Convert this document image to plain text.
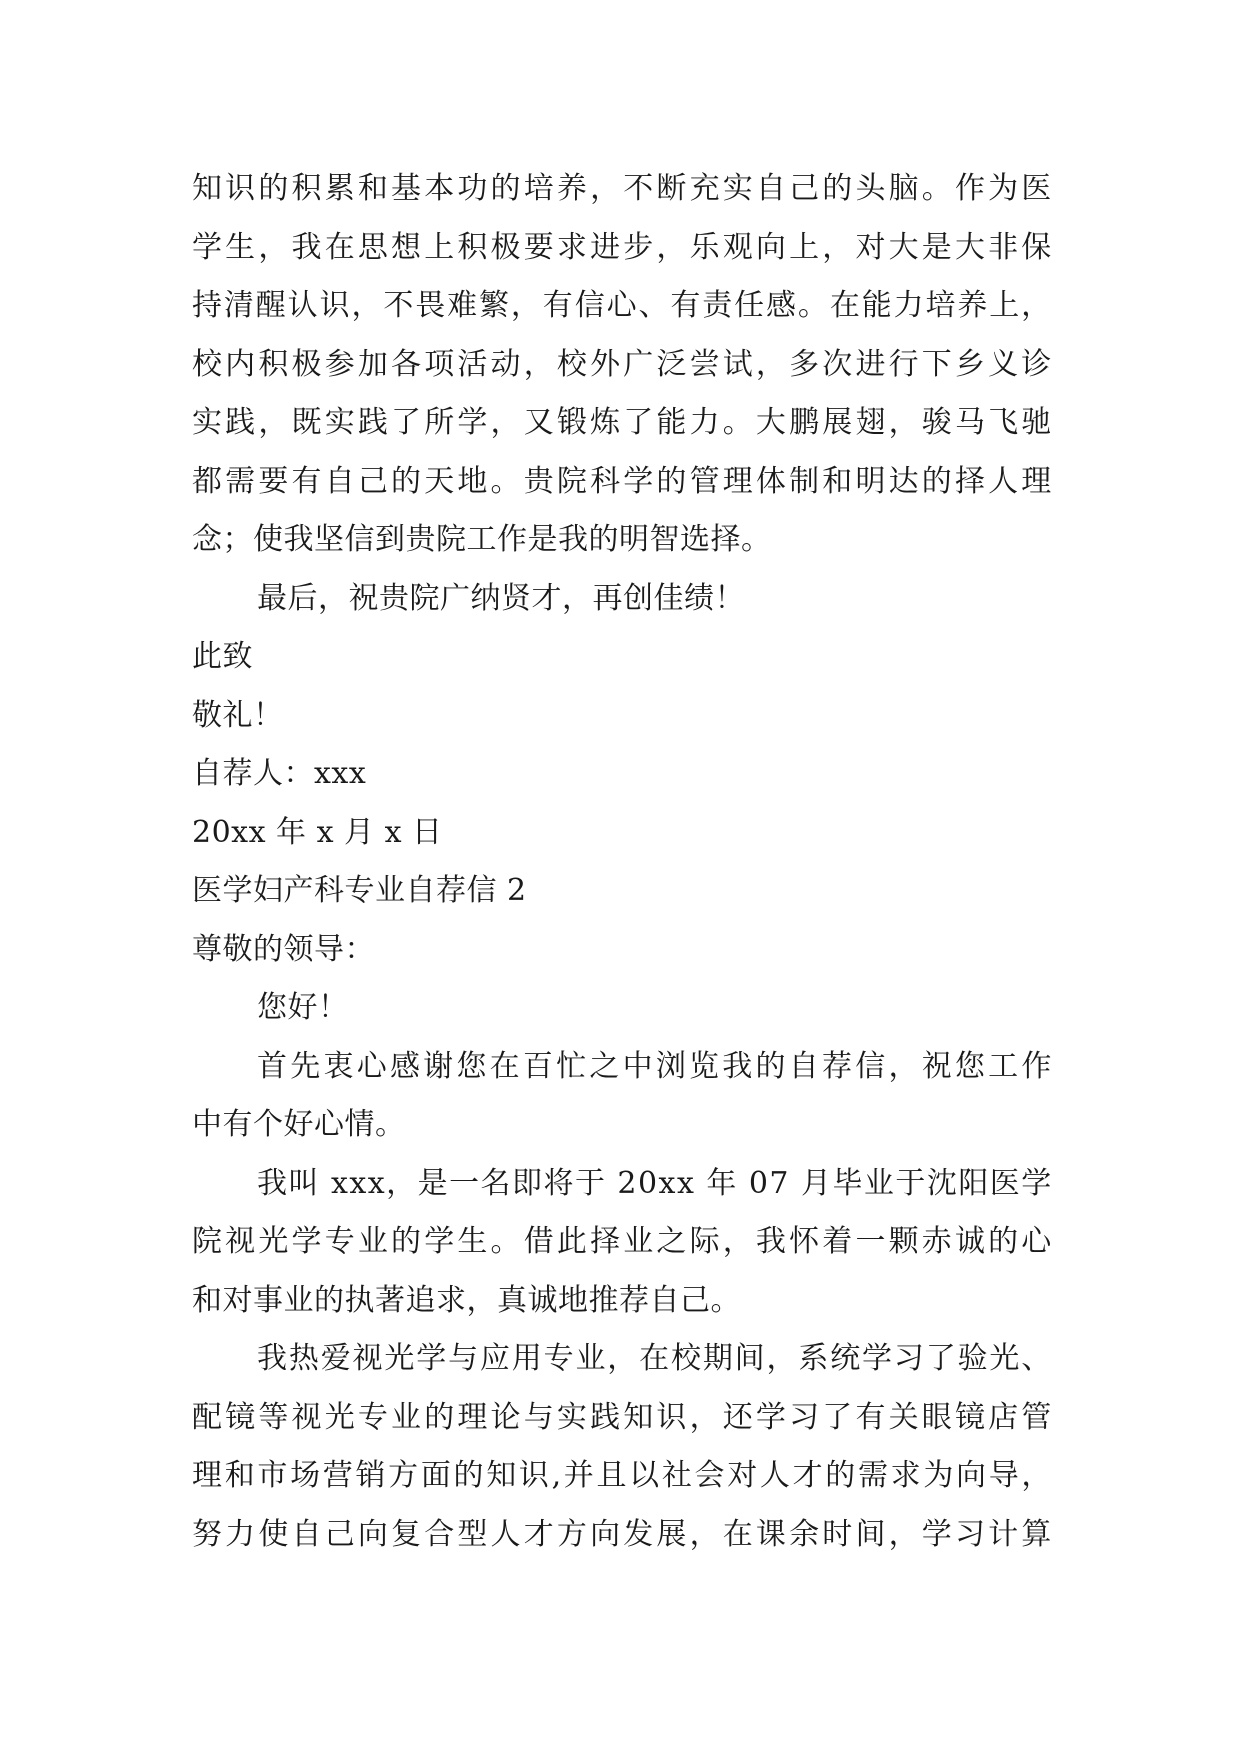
知 识 的 积 累 和 基 本 功 的 培 养 ， 不 断 充 实 自 己 的 头 脑 。 作 为 医

学 生 ， 我 在 思 想 上 积 极 要 求 进 步 ， 乐 观 向 上 ， 对 大 是 大 非 保

持 清 醒 认 识 ， 不 畏 难 繁 ， 有 信 心 、 有 责 任 感 。 在 能 力 培 养 上 ，

校 内 积 极 参 加 各 项 活 动 ， 校 外 广 泛 尝 试 ， 多 次 进 行 下 乡 义 诊

实 践 ， 既 实 践 了 所 学 ， 又 锻 炼 了 能 力 。 大 鹏 展 翅 ， 骏 马 飞 驰

都 需 要 有 自 己 的 天 地 。 贵 院 科 学 的 管 理 体 制 和 明 达 的 择 人 理

念；使我坚信到贵院工作是我的明智选择。

最后，祝贵院广纳贤才，再创佳绩！

此致

敬礼！

自荐人：xxx

20xx 年 x 月 x 日

医学妇产科专业自荐信 2

尊敬的领导：

您好！

首 先 衷 心 感 谢 您 在 百 忙 之 中 浏 览 我 的 自 荐 信 ， 祝 您 工 作

中有个好心情。

我 叫
x x x ， 是 一 名 即 将 于
2 0 x x
年
0 7
月 毕 业 于 沈 阳 医 学

院 视 光 学 专 业 的 学 生 。 借 此 择 业 之 际 ， 我 怀 着 一 颗 赤 诚 的 心

和对事业的执著追求，真诚地推荐自己。

我 热 爱 视 光 学 与 应 用 专 业 ， 在 校 期 间 ， 系 统 学 习 了 验 光 、

配 镜 等 视 光 专 业 的 理 论 与 实 践 知 识 ， 还 学 习 了 有 关 眼 镜 店 管

理 和 市 场 营 销 方 面 的 知 识 , 并 且 以 社 会 对 人 才 的 需 求 为 向 导 ，

努 力 使 自 己 向 复 合 型 人 才 方 向 发 展 ， 在 课 余 时 间 ， 学 习 计 算
